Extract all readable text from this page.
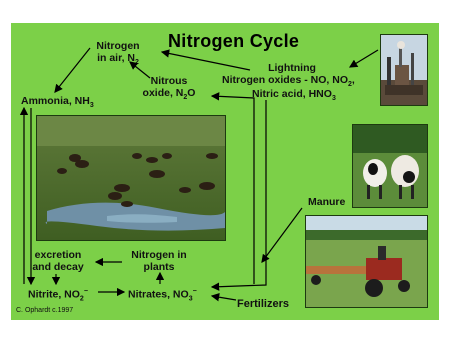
Nitrogen Cycle
Nitrogen
in air, $N_2$
Ammonia, $NH_3$
Nitrous
oxide, $N_2O$
Lightning
Nitrogen oxides - NO, $NO_2$,
Nitric acid, $HNO_3$
Manure
excretion
and decay
Nitrogen in
plants
Nitrite, $NO_2^-$	Nitrates, $NO_3^-$
Fertilizers
C. Ophardt c.1997
